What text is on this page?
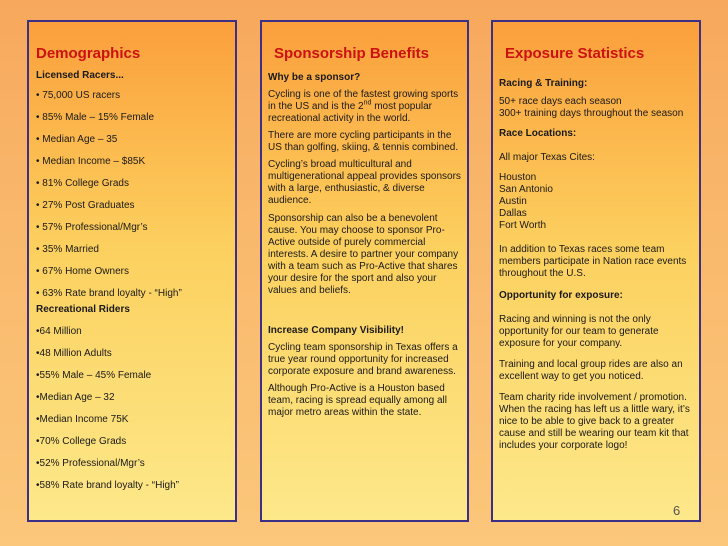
Demographics

Licensed Racers...

• 75,000 US racers

• 85% Male – 15% Female

• Median Age – 35

• Median Income – $85K

• 81% College Grads

• 27% Post Graduates

• 57% Professional/Mgr’s

• 35% Married

• 67% Home Owners

• 63% Rate brand loyalty - “High”

Recreational Riders

•64 Million

•48 Million Adults

•55% Male – 45% Female

•Median Age – 32

•Median Income 75K

•70% College Grads

•52% Professional/Mgr’s

•58% Rate brand loyalty - “High”

Sponsorship Benefits

Why be a sponsor?

Cycling is one of the fastest growing sports in the US and is the 2nd most popular recreational activity in the world.

There are more cycling participants in the US than golfing, skiing, & tennis combined.

Cycling’s broad multicultural and multigenerational appeal provides sponsors with a large, enthusiastic, & diverse audience.

Sponsorship can also be a benevolent cause. You may choose to sponsor Pro-Active outside of purely commercial interests. A desire to partner your company with a team such as Pro-Active that shares your desire for the sport and also your values and beliefs.

Increase Company Visibility!

Cycling team sponsorship in Texas offers a true year round opportunity for increased corporate exposure and brand awareness.

Although Pro-Active is a Houston based team, racing is spread equally among all major metro areas within the state.

Exposure Statistics

Racing & Training:

50+ race days each season

300+ training days throughout the season

Race Locations:

All major Texas Cites:

Houston

San Antonio

Austin

Dallas

Fort Worth

In addition to Texas races some team members participate in Nation race events throughout the U.S.

Opportunity for exposure:

Racing and winning is not the only opportunity for our team to generate exposure for your company.

Training and local group rides are also an excellent way to get you noticed.

Team charity ride involvement / promotion. When the racing has left us a little wary, it’s nice to be able to give back to a greater cause and still be wearing our team kit that includes your corporate logo!

6
